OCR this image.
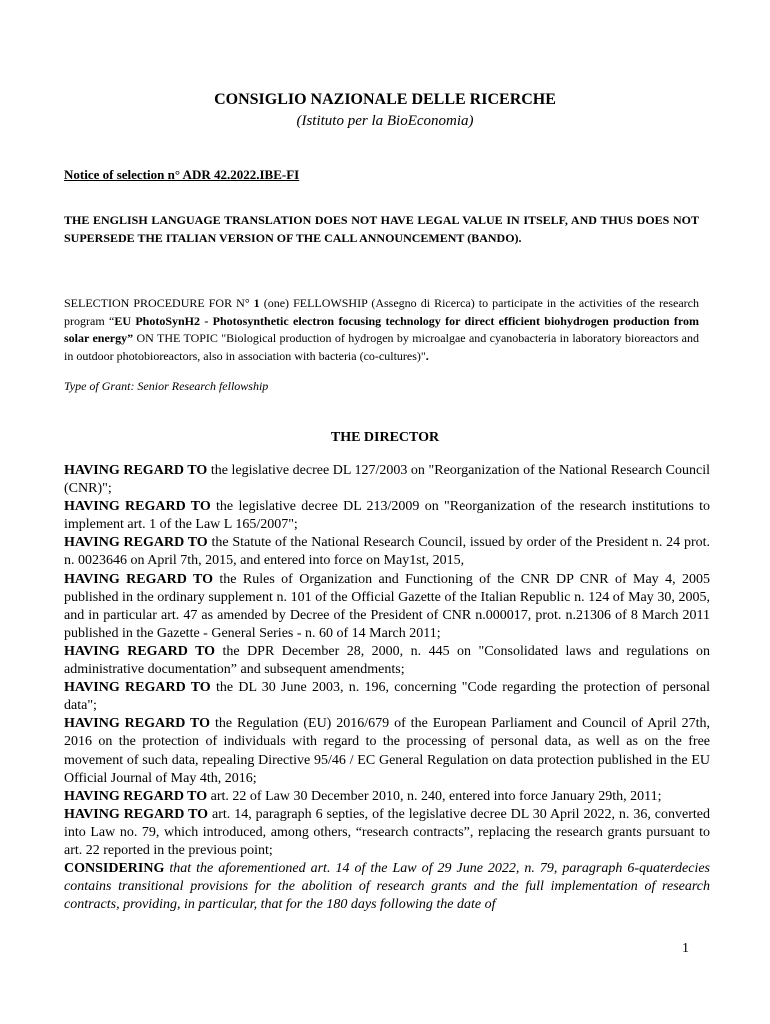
CONSIGLIO NAZIONALE DELLE RICERCHE
(Istituto per la BioEconomia)
Notice of selection n° ADR 42.2022.IBE-FI
THE ENGLISH LANGUAGE TRANSLATION DOES NOT HAVE LEGAL VALUE IN ITSELF, AND THUS DOES NOT SUPERSEDE THE ITALIAN VERSION OF THE CALL ANNOUNCEMENT (BANDO).
SELECTION PROCEDURE FOR N° 1 (one) FELLOWSHIP (Assegno di Ricerca) to participate in the activities of the research program “EU PhotoSynH2 - Photosynthetic electron focusing technology for direct efficient biohydrogen production from solar energy” ON THE TOPIC "Biological production of hydrogen by microalgae and cyanobacteria in laboratory bioreactors and in outdoor photobioreactors, also in association with bacteria (co-cultures)".
Type of Grant: Senior Research fellowship
THE DIRECTOR

HAVING REGARD TO the legislative decree DL 127/2003 on "Reorganization of the National Research Council (CNR)";

HAVING REGARD TO the legislative decree DL 213/2009 on "Reorganization of the research institutions to implement art. 1 of the Law L 165/2007";

HAVING REGARD TO the Statute of the National Research Council, issued by order of the President n. 24 prot. n. 0023646 on April 7th, 2015, and entered into force on May1st, 2015,

HAVING REGARD TO the Rules of Organization and Functioning of the CNR DP CNR of May 4, 2005 published in the ordinary supplement n. 101 of the Official Gazette of the Italian Republic n. 124 of May 30, 2005, and in particular art. 47 as amended by Decree of the President of CNR n.000017, prot. n.21306 of 8 March 2011 published in the Gazette - General Series - n. 60 of 14 March 2011;

HAVING REGARD TO the DPR December 28, 2000, n. 445 on "Consolidated laws and regulations on administrative documentation” and subsequent amendments;

HAVING REGARD TO the DL 30 June 2003, n. 196, concerning "Code regarding the protection of personal data";

HAVING REGARD TO the Regulation (EU) 2016/679 of the European Parliament and Council of April 27th, 2016 on the protection of individuals with regard to the processing of personal data, as well as on the free movement of such data, repealing Directive 95/46 / EC General Regulation on data protection published in the EU Official Journal of May 4th, 2016;

HAVING REGARD TO art. 22 of Law 30 December 2010, n. 240, entered into force January 29th, 2011;

HAVING REGARD TO art. 14, paragraph 6 septies, of the legislative decree DL 30 April 2022, n. 36, converted into Law no. 79, which introduced, among others, “research contracts”, replacing the research grants pursuant to art. 22 reported in the previous point;

CONSIDERING that the aforementioned art. 14 of the Law of 29 June 2022, n. 79, paragraph 6-quaterdecies contains transitional provisions for the abolition of research grants and the full implementation of research contracts, providing, in particular, that for the 180 days following the date of

1
